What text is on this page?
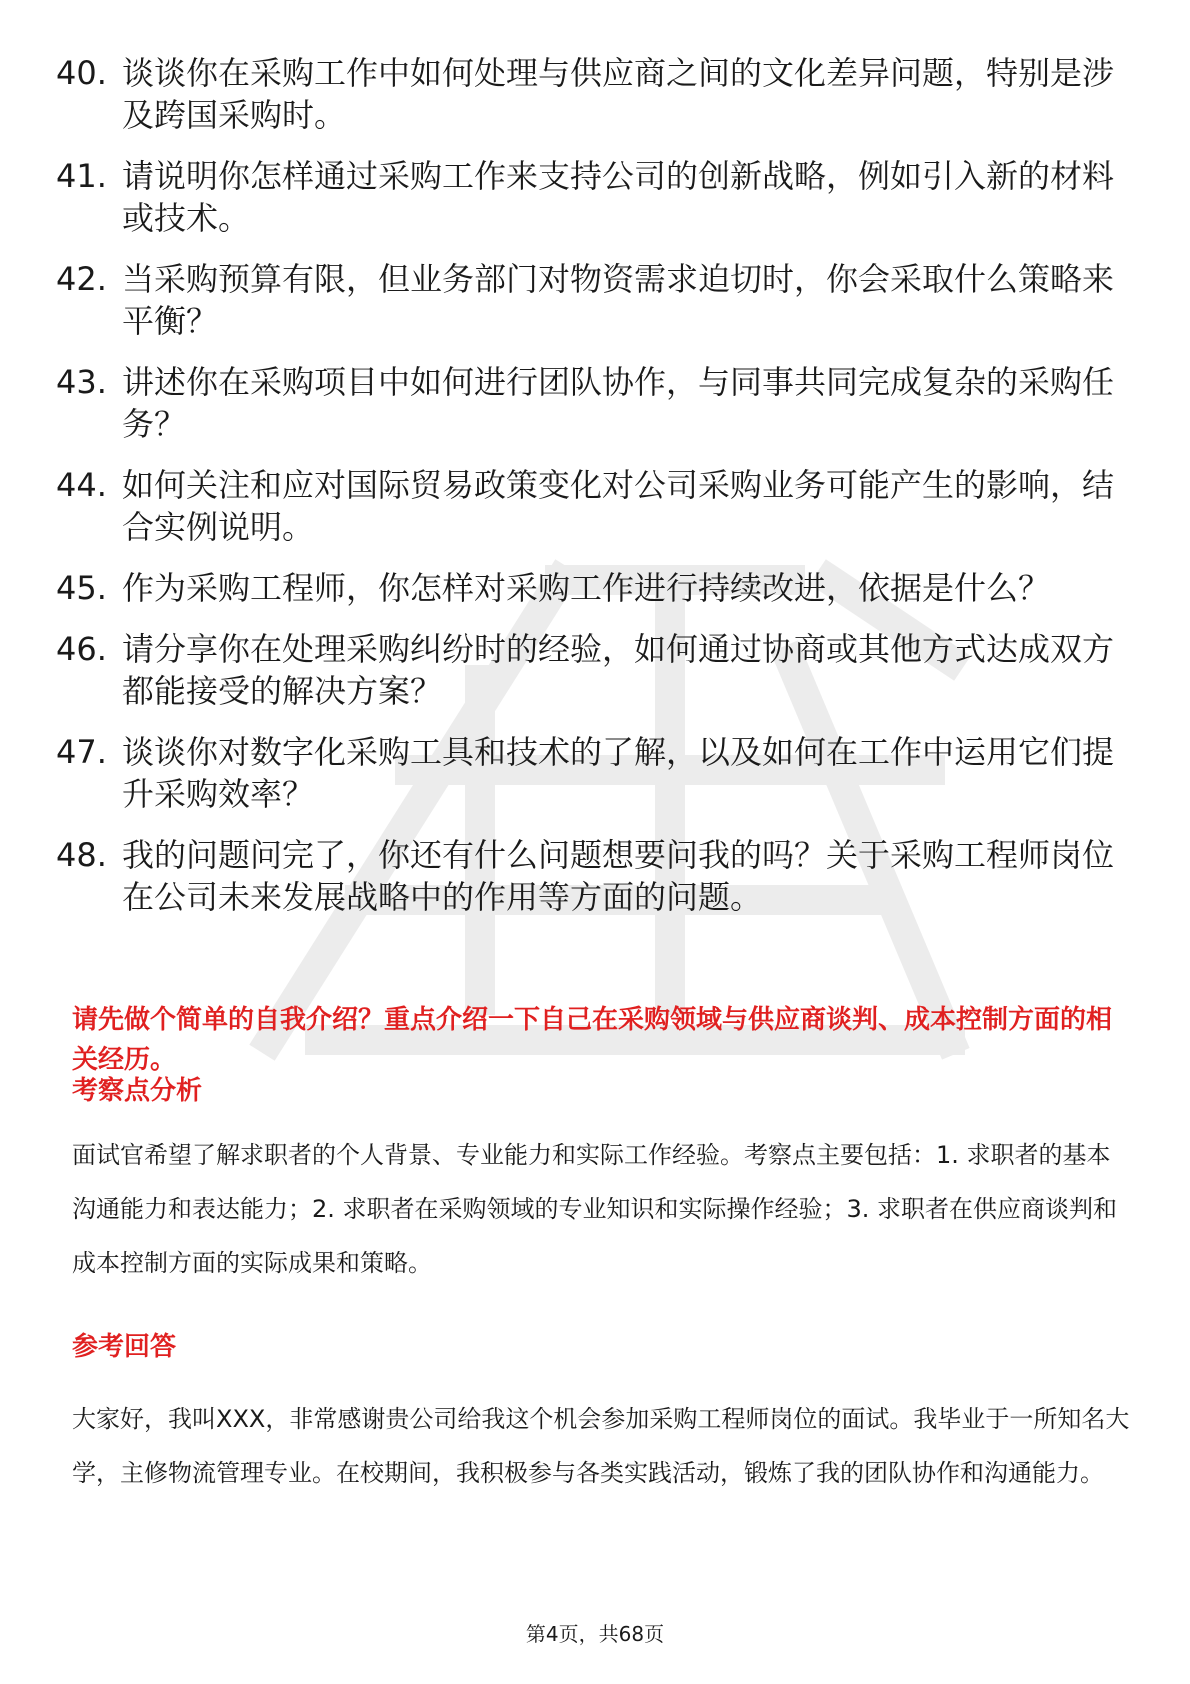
40. 谈谈你在采购工作中如何处理与供应商之间的文化差异问题，特别是涉及跨国采购时。
41. 请说明你怎样通过采购工作来支持公司的创新战略，例如引入新的材料或技术。
42. 当采购预算有限，但业务部门对物资需求迫切时，你会采取什么策略来平衡？
43. 讲述你在采购项目中如何进行团队协作，与同事共同完成复杂的采购任务？
44. 如何关注和应对国际贸易政策变化对公司采购业务可能产生的影响，结合实例说明。
45. 作为采购工程师，你怎样对采购工作进行持续改进，依据是什么？
46. 请分享你在处理采购纠纷时的经验，如何通过协商或其他方式达成双方都能接受的解决方案？
47. 谈谈你对数字化采购工具和技术的了解，以及如何在工作中运用它们提升采购效率？
48. 我的问题问完了，你还有什么问题想要问我的吗？关于采购工程师岗位在公司未来发展战略中的作用等方面的问题。

请先做个简单的自我介绍？重点介绍一下自己在采购领域与供应商谈判、成本控制方面的相关经历。

考察点分析

面试官希望了解求职者的个人背景、专业能力和实际工作经验。考察点主要包括：1. 求职者的基本沟通能力和表达能力；2. 求职者在采购领域的专业知识和实际操作经验；3. 求职者在供应商谈判和成本控制方面的实际成果和策略。

参考回答

大家好，我叫XXX，非常感谢贵公司给我这个机会参加采购工程师岗位的面试。我毕业于一所知名大学，主修物流管理专业。在校期间，我积极参与各类实践活动，锻炼了我的团队协作和沟通能力。

第4页，共68页
